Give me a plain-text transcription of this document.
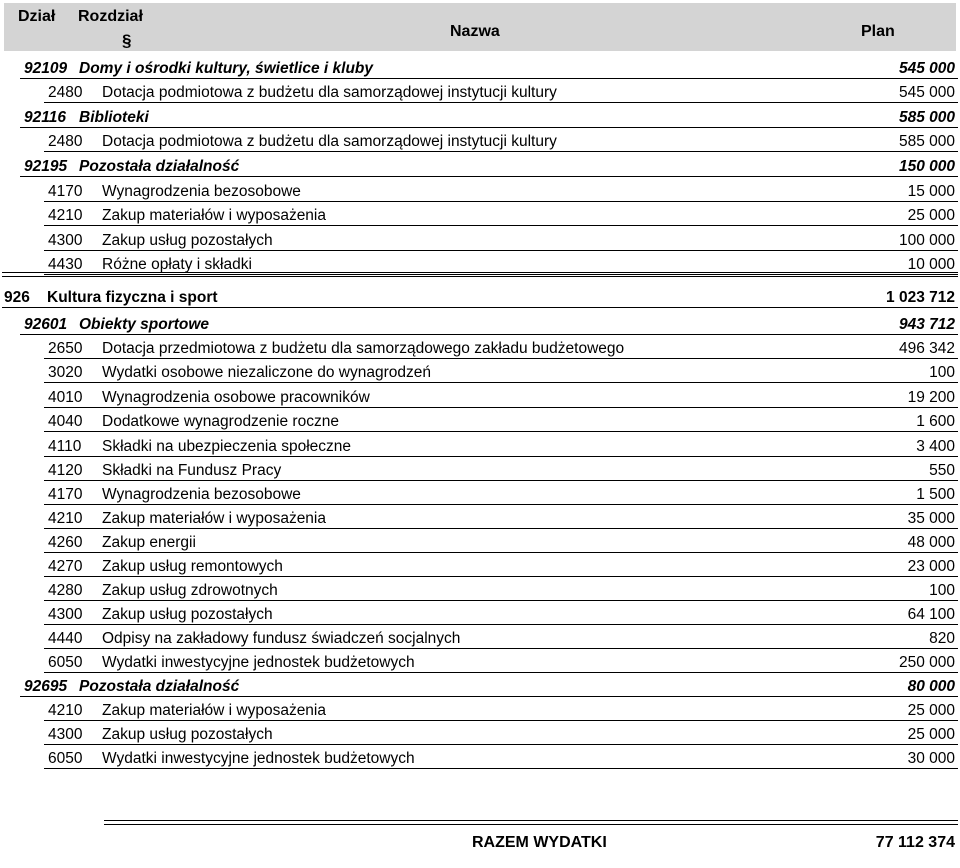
Dział Rozdział
§	Nazwa	Plan
92109 Domy i ośrodki kultury, świetlice i kluby	545 000
2480 Dotacja podmiotowa z budżetu dla samorządowej instytucji kultury	545 000
92116 Biblioteki	585 000
2480 Dotacja podmiotowa z budżetu dla samorządowej instytucji kultury	585 000
92195 Pozostała działalność	150 000
4170 Wynagrodzenia bezosobowe	15 000
4210 Zakup materiałów i wyposażenia	25 000
4300 Zakup usług pozostałych	100 000
4430 Różne opłaty i składki	10 000
926 Kultura fizyczna i sport	1 023 712
92601 Obiekty sportowe	943 712
2650 Dotacja przedmiotowa z budżetu dla samorządowego zakładu budżetowego	496 342
3020 Wydatki osobowe niezaliczone do wynagrodzeń	100
4010 Wynagrodzenia osobowe pracowników	19 200
4040 Dodatkowe wynagrodzenie roczne	1 600
4110 Składki na ubezpieczenia społeczne	3 400
4120 Składki na Fundusz Pracy	550
4170 Wynagrodzenia bezosobowe	1 500
4210 Zakup materiałów i wyposażenia	35 000
4260 Zakup energii	48 000
4270 Zakup usług remontowych	23 000
4280 Zakup usług zdrowotnych	100
4300 Zakup usług pozostałych	64 100
4440 Odpisy na zakładowy fundusz świadczeń socjalnych	820
6050 Wydatki inwestycyjne jednostek budżetowych	250 000
92695 Pozostała działalność	80 000
4210 Zakup materiałów i wyposażenia	25 000
4300 Zakup usług pozostałych	25 000
6050 Wydatki inwestycyjne jednostek budżetowych	30 000
RAZEM WYDATKI	77 112 374
